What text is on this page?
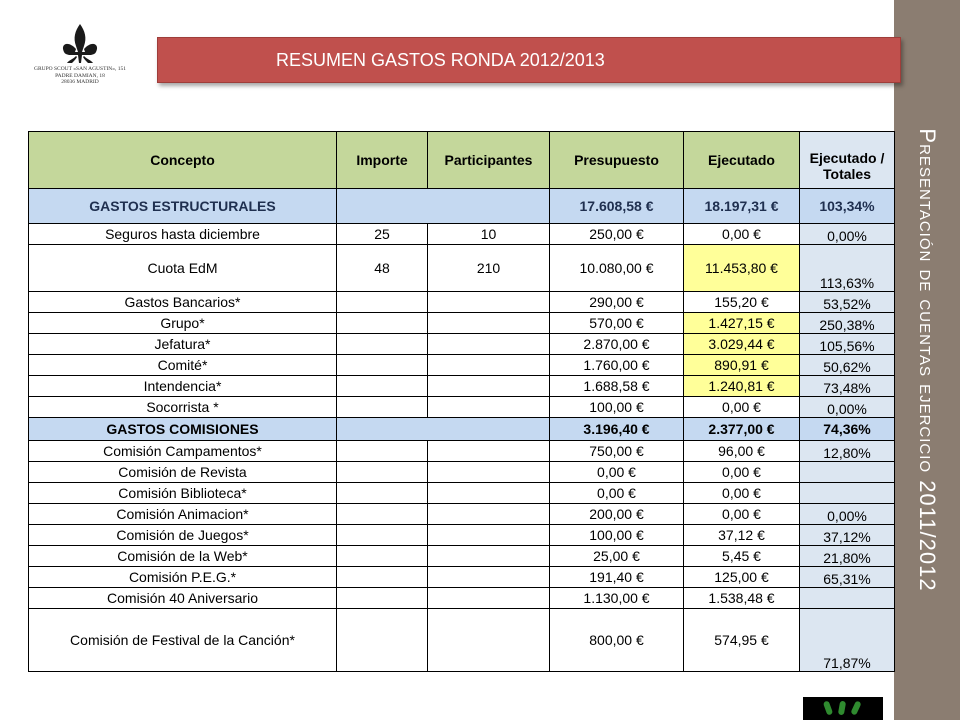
Presentación de cuentas ejercicio 2011/2012
GRUPO SCOUT «SAN AGUSTIN», 151
PADRE DAMIAN, 18
28036 MADRID
RESUMEN GASTOS RONDA 2012/2013
Concepto	Importe	Participantes	Presupuesto	Ejecutado	Ejecutado / Totales
GASTOS ESTRUCTURALES			17.608,58 €	18.197,31 €	103,34%
Seguros hasta diciembre	25	10	250,00 €	0,00 €	0,00%
Cuota EdM	48	210	10.080,00 €	11.453,80 €	113,63%
Gastos Bancarios*			290,00 €	155,20 €	53,52%
Grupo*			570,00 €	1.427,15 €	250,38%
Jefatura*			2.870,00 €	3.029,44 €	105,56%
Comité*			1.760,00 €	890,91 €	50,62%
Intendencia*			1.688,58 €	1.240,81 €	73,48%
Socorrista *			100,00 €	0,00 €	0,00%
GASTOS COMISIONES			3.196,40 €	2.377,00 €	74,36%
Comisión Campamentos*			750,00 €	96,00 €	12,80%
Comisión de Revista			0,00 €	0,00 €	
Comisión Biblioteca*			0,00 €	0,00 €	
Comisión Animacion*			200,00 €	0,00 €	0,00%
Comisión de Juegos*			100,00 €	37,12 €	37,12%
Comisión de la Web*			25,00 €	5,45 €	21,80%
Comisión P.E.G.*			191,40 €	125,00 €	65,31%
Comisión 40 Aniversario			1.130,00 €	1.538,48 €	
Comisión de Festival de la Canción*			800,00 €	574,95 €	71,87%
